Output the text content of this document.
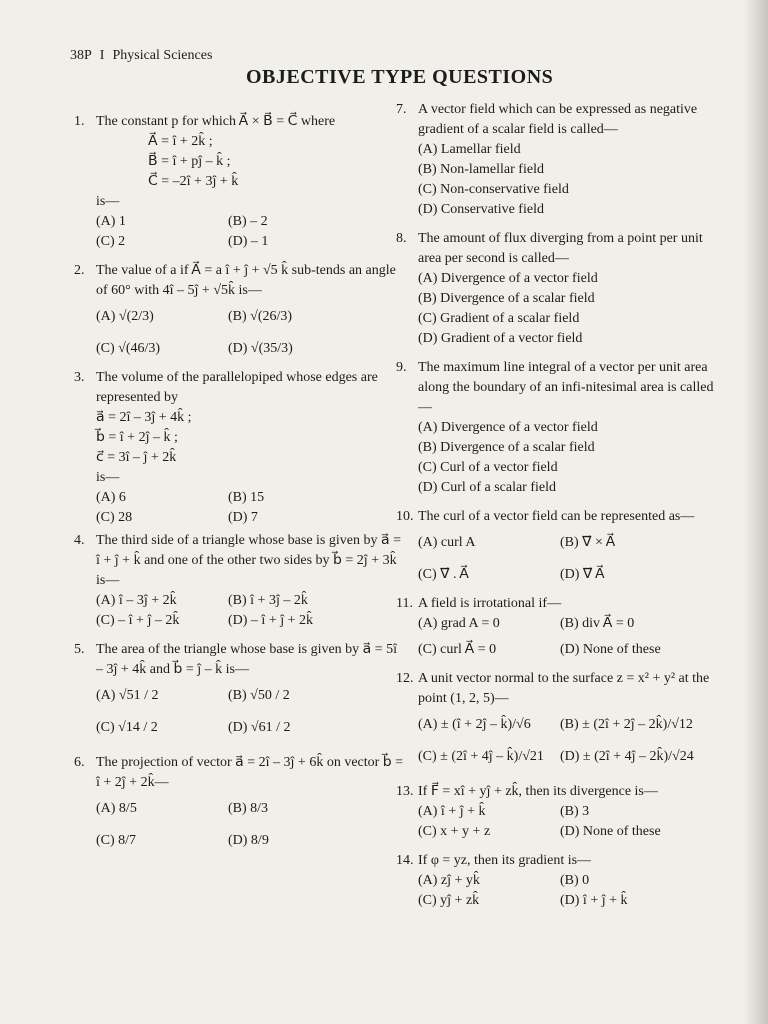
38P I Physical Sciences
OBJECTIVE TYPE QUESTIONS
1. The constant p for which A⃗ × B⃗ = C⃗ where
A⃗ = î + 2k̂ ;
B⃗ = î + pĵ – k̂ ;
C⃗ = –2î + 3ĵ + k̂
is—
(A) 1	(B) – 2
(C) 2	(D) – 1
2. The value of a if A⃗ = a î + ĵ + √5 k̂ sub-tends an angle of 60° with 4î – 5ĵ + √5k̂ is—
(A) √(2/3)	(B) √(26/3)
(C) √(46/3)	(D) √(35/3)
3. The volume of the parallelopiped whose edges are represented by
a⃗ = 2î – 3ĵ + 4k̂ ;
b⃗ = î + 2ĵ – k̂ ;
c⃗ = 3î – ĵ + 2k̂
is—
(A) 6	(B) 15
(C) 28	(D) 7
4. The third side of a triangle whose base is given by a⃗ = î + ĵ + k̂ and one of the other two sides by b⃗ = 2ĵ + 3k̂ is—
(A) î – 3ĵ + 2k̂	(B) î + 3ĵ – 2k̂
(C) – î + ĵ – 2k̂	(D) – î + ĵ + 2k̂
5. The area of the triangle whose base is given by a⃗ = 5î – 3ĵ + 4k̂ and b⃗ = ĵ – k̂ is—
(A) √51 / 2	(B) √50 / 2
(C) √14 / 2	(D) √61 / 2
6. The projection of vector a⃗ = 2î – 3ĵ + 6k̂ on vector b⃗ = î + 2ĵ + 2k̂—
(A) 8/5	(B) 8/3
(C) 8/7	(D) 8/9
7. A vector field which can be expressed as negative gradient of a scalar field is called—
(A) Lamellar field
(B) Non-lamellar field
(C) Non-conservative field
(D) Conservative field
8. The amount of flux diverging from a point per unit area per second is called—
(A) Divergence of a vector field
(B) Divergence of a scalar field
(C) Gradient of a scalar field
(D) Gradient of a vector field
9. The maximum line integral of a vector per unit area along the boundary of an infi-nitesimal area is called—
(A) Divergence of a vector field
(B) Divergence of a scalar field
(C) Curl of a vector field
(D) Curl of a scalar field
10. The curl of a vector field can be represented as—
(A) curl A	(B) ∇⃗ × A⃗
(C) ∇⃗ . A⃗	(D) ∇⃗ A⃗
11. A field is irrotational if—
(A) grad A = 0	(B) div A⃗ = 0
(C) curl A⃗ = 0	(D) None of these
12. A unit vector normal to the surface z = x² + y² at the point (1, 2, 5)—
(A) ± (î + 2ĵ – k̂)/√6	(B) ± (2î + 2ĵ – 2k̂)/√12
(C) ± (2î + 4ĵ – k̂)/√21	(D) ± (2î + 4ĵ – 2k̂)/√24
13. If F⃗ = xî + yĵ + zk̂, then its divergence is—
(A) î + ĵ + k̂	(B) 3
(C) x + y + z	(D) None of these
14. If φ = yz, then its gradient is—
(A) zĵ + yk̂	(B) 0
(C) yĵ + zk̂	(D) î + ĵ + k̂
